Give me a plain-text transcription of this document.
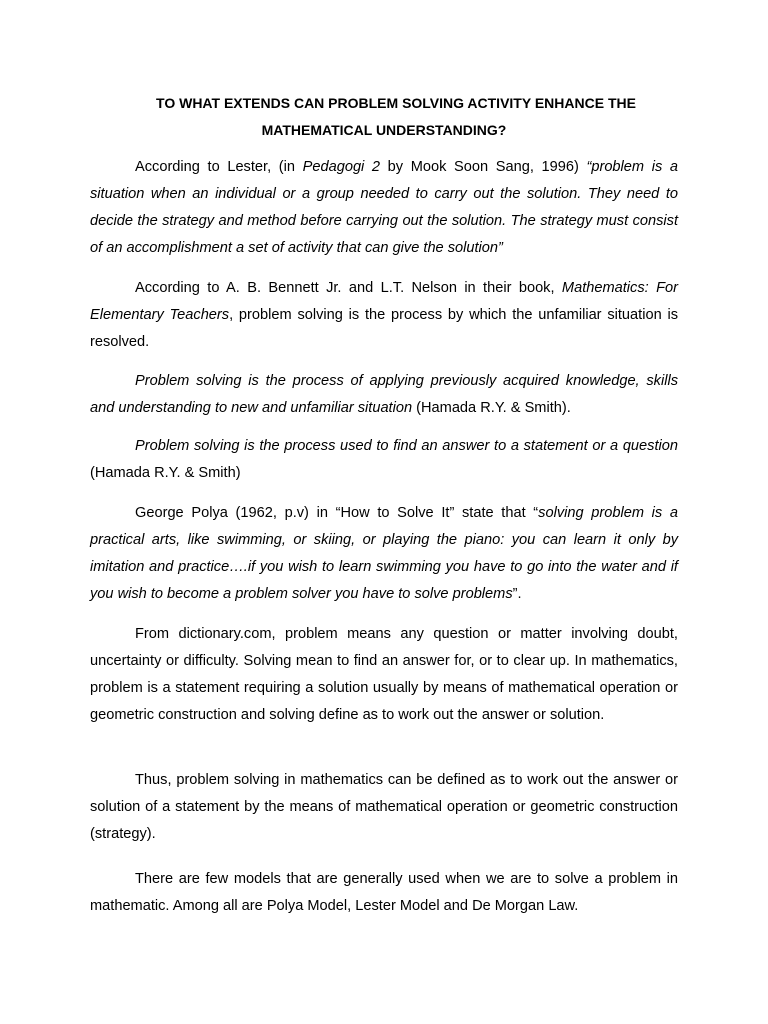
TO WHAT EXTENDS CAN PROBLEM SOLVING ACTIVITY ENHANCE THE
MATHEMATICAL UNDERSTANDING?

According to Lester, (in Pedagogi 2 by Mook Soon Sang, 1996) “problem is a situation when an individual or a group needed to carry out the solution. They need to decide the strategy and method before carrying out the solution. The strategy must consist of an accomplishment a set of activity that can give the solution”

According to A. B. Bennett Jr. and L.T. Nelson in their book, Mathematics: For Elementary Teachers, problem solving is the process by which the unfamiliar situation is resolved.

Problem solving is the process of applying previously acquired knowledge, skills and understanding to new and unfamiliar situation (Hamada R.Y. & Smith).

Problem solving is the process used to find an answer to a statement or a question (Hamada R.Y. & Smith)

George Polya (1962, p.v) in “How to Solve It” state that “solving problem is a practical arts, like swimming, or skiing, or playing the piano: you can learn it only by imitation and practice….if you wish to learn swimming you have to go into the water and if you wish to become a problem solver you have to solve problems”.

From dictionary.com, problem means any question or matter involving doubt, uncertainty or difficulty. Solving mean to find an answer for, or to clear up. In mathematics, problem is a statement requiring a solution usually by means of mathematical operation or geometric construction and solving define as to work out the answer or solution.

Thus, problem solving in mathematics can be defined as to work out the answer or solution of a statement by the means of mathematical operation or geometric construction (strategy).

There are few models that are generally used when we are to solve a problem in mathematic. Among all are Polya Model, Lester Model and De Morgan Law.
